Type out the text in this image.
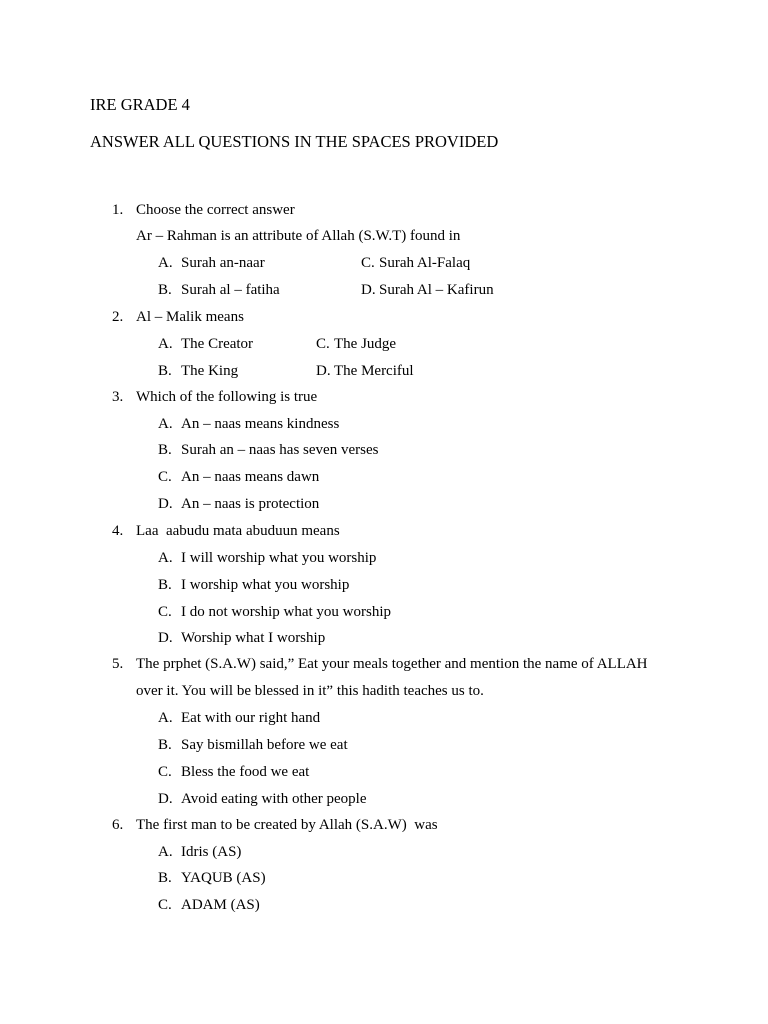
IRE GRADE 4
ANSWER ALL QUESTIONS IN THE SPACES PROVIDED
1. Choose the correct answer
Ar – Rahman is an attribute of Allah (S.W.T) found in
A. Surah an-naar	C. Surah Al-Falaq
B. Surah al – fatiha	D. Surah Al – Kafirun
2. Al – Malik means
A. The Creator	C. The Judge
B. The King	D. The Merciful
3. Which of the following is true
A. An – naas means kindness
B. Surah an – naas has seven verses
C. An – naas means dawn
D. An – naas is protection
4. Laa  aabudu mata abuduun means
A. I will worship what you worship
B. I worship what you worship
C. I do not worship what you worship
D. Worship what I worship
5. The prphet (S.A.W) said,” Eat your meals together and mention the name of ALLAH
over it. You will be blessed in it” this hadith teaches us to.
A. Eat with our right hand
B. Say bismillah before we eat
C. Bless the food we eat
D. Avoid eating with other people
6. The first man to be created by Allah (S.A.W)  was
A. Idris (AS)
B. YAQUB (AS)
C. ADAM (AS)
